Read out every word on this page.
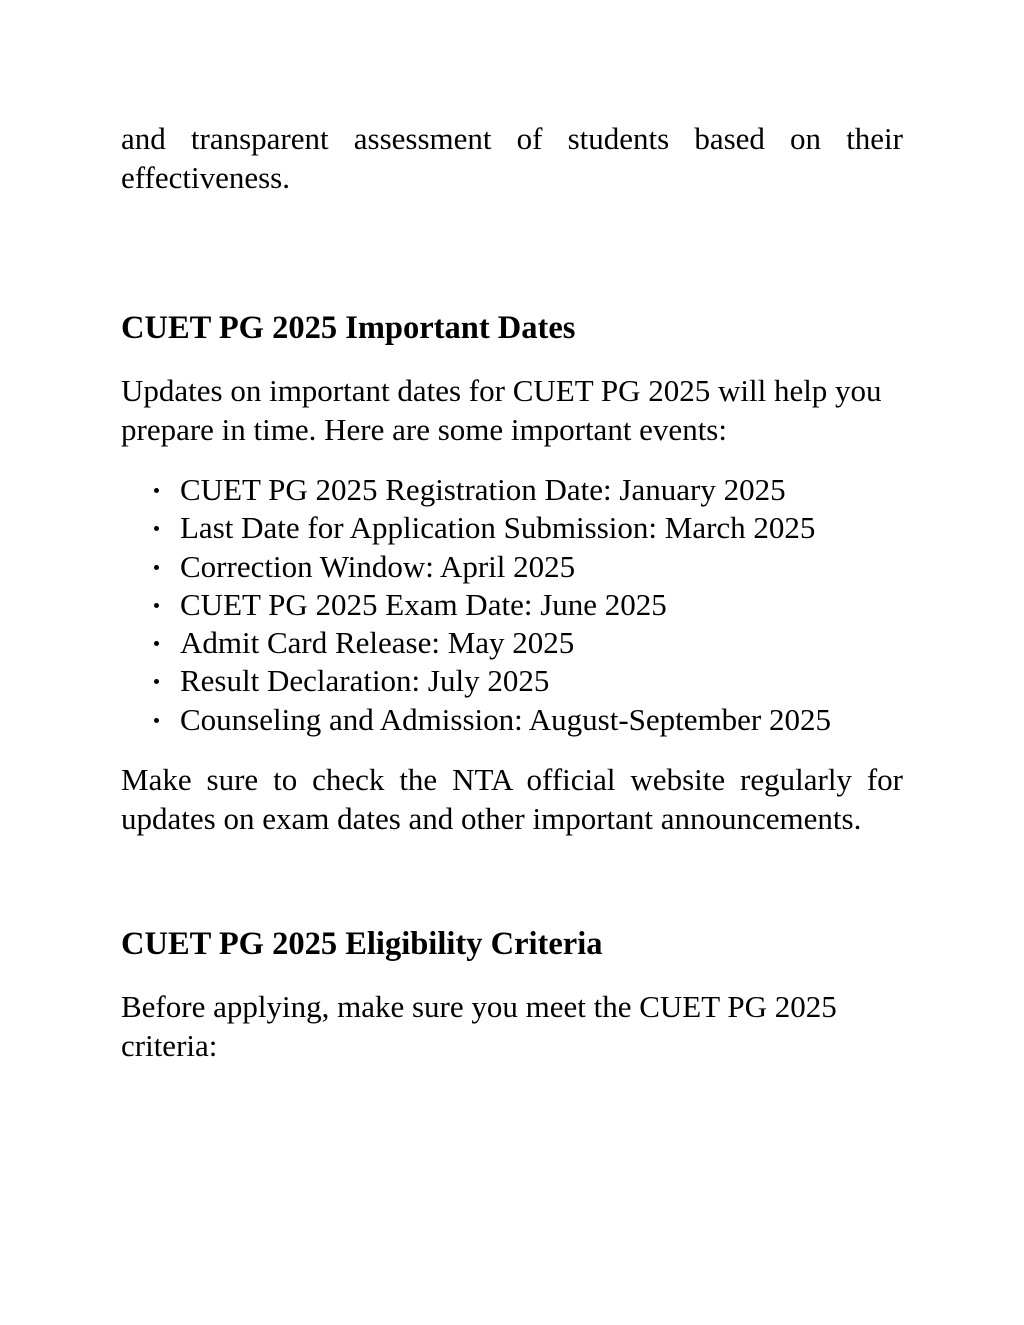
and transparent assessment of students based on their effectiveness.

CUET PG 2025 Important Dates

Updates on important dates for CUET PG 2025 will help you prepare in time. Here are some important events:

CUET PG 2025 Registration Date: January 2025
Last Date for Application Submission: March 2025
Correction Window: April 2025
CUET PG 2025 Exam Date: June 2025
Admit Card Release: May 2025
Result Declaration: July 2025
Counseling and Admission: August-September 2025

Make sure to check the NTA official website regularly for updates on exam dates and other important announcements.

CUET PG 2025 Eligibility Criteria

Before applying, make sure you meet the CUET PG 2025 criteria:
